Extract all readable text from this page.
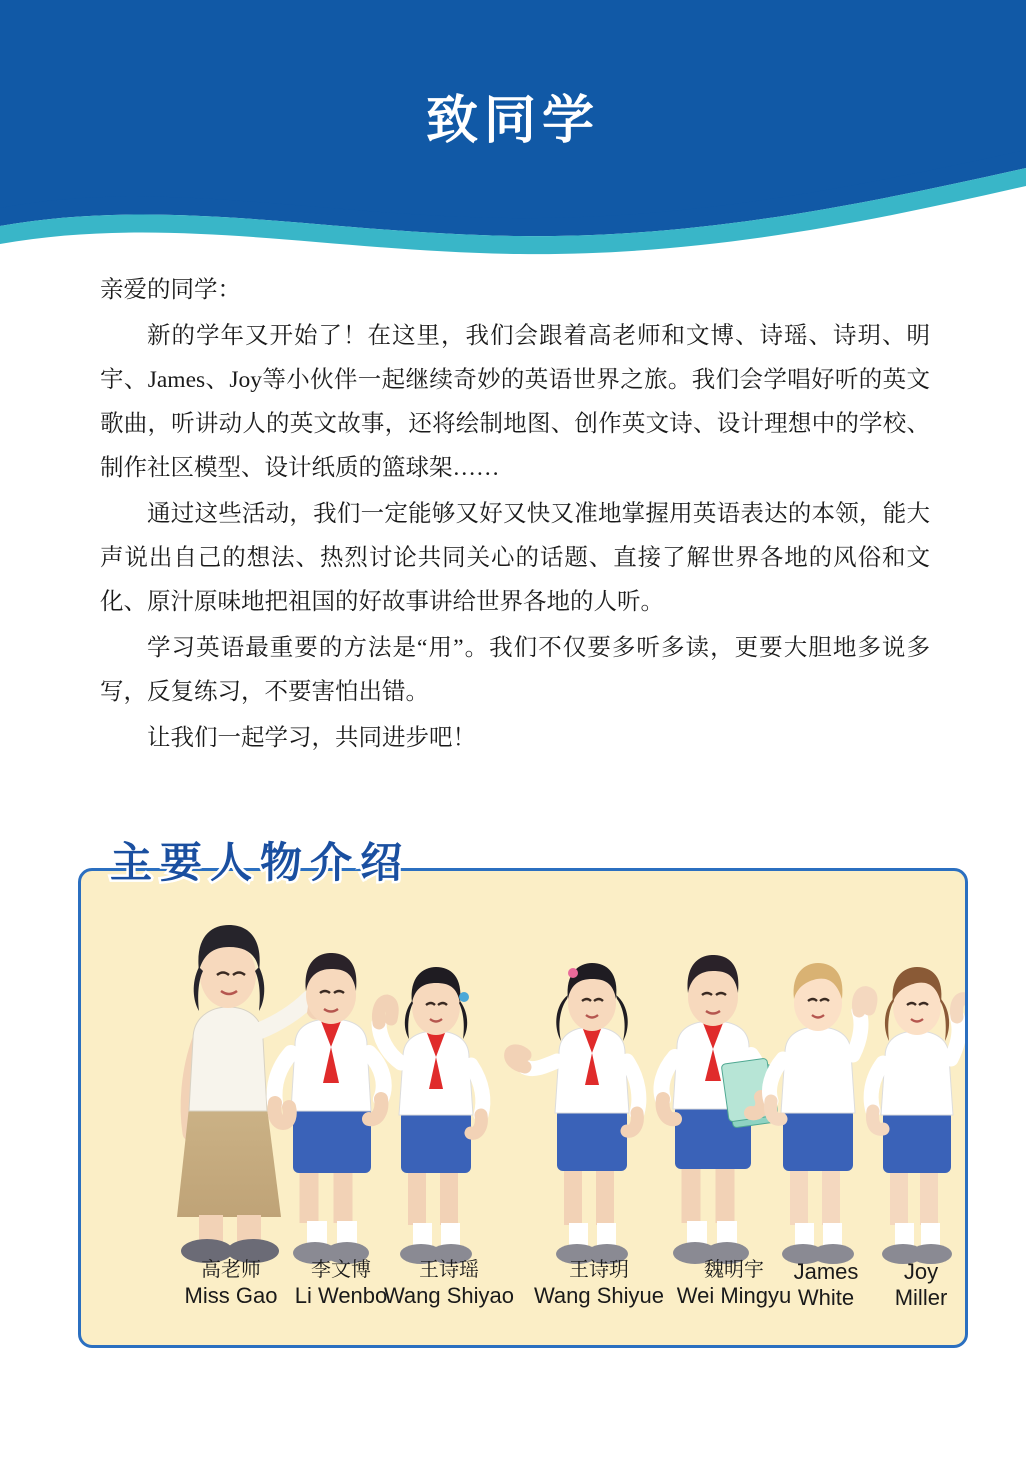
致同学

亲爱的同学：

新的学年又开始了！在这里，我们会跟着高老师和文博、诗瑶、诗玥、明宇、James、Joy等小伙伴一起继续奇妙的英语世界之旅。我们会学唱好听的英文歌曲，听讲动人的英文故事，还将绘制地图、创作英文诗、设计理想中的学校、制作社区模型、设计纸质的篮球架……

通过这些活动，我们一定能够又好又快又准地掌握用英语表达的本领，能大声说出自己的想法、热烈讨论共同关心的话题、直接了解世界各地的风俗和文化、原汁原味地把祖国的好故事讲给世界各地的人听。

学习英语最重要的方法是“用”。我们不仅要多听多读，更要大胆地多说多写，反复练习，不要害怕出错。

让我们一起学习，共同进步吧！

主要人物介绍
高老师
Miss Gao
李文博
Li Wenbo
王诗瑶
Wang Shiyao
王诗玥
Wang Shiyue
魏明宇
Wei Mingyu
James
White
Joy
Miller
